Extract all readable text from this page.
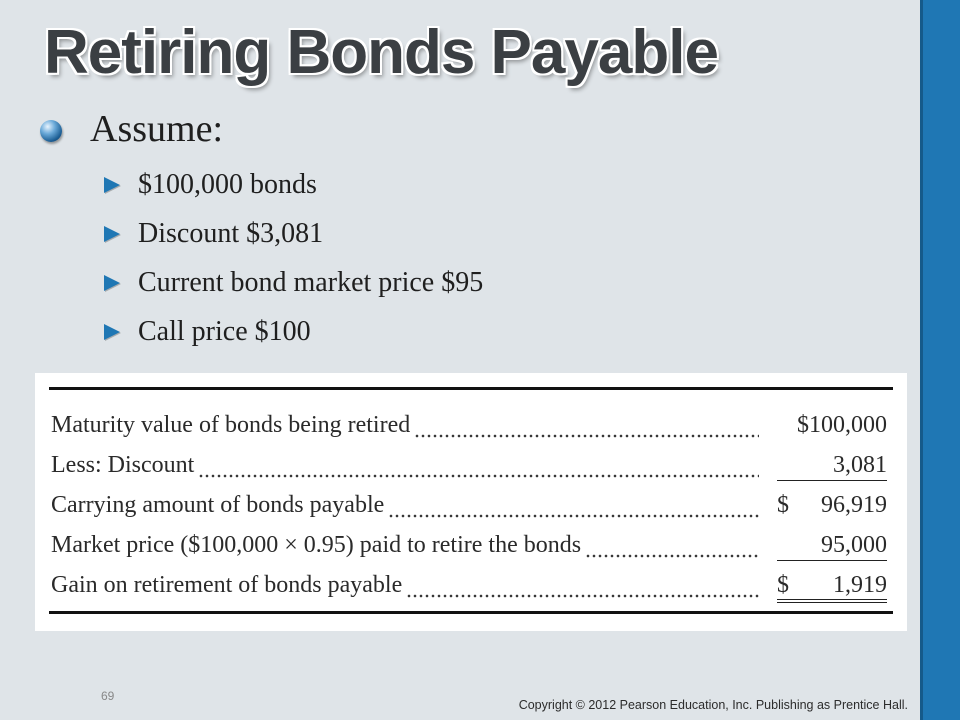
Retiring Bonds Payable
Assume:
$100,000 bonds
Discount $3,081
Current bond market price $95
Call price $100
Maturity value of bonds being retired	$100,000
Less: Discount	3,081
Carrying amount of bonds payable	$ 96,919
Market price ($100,000 × 0.95) paid to retire the bonds	95,000
Gain on retirement of bonds payable	$ 1,919
69
Copyright © 2012 Pearson Education, Inc. Publishing as Prentice Hall.
